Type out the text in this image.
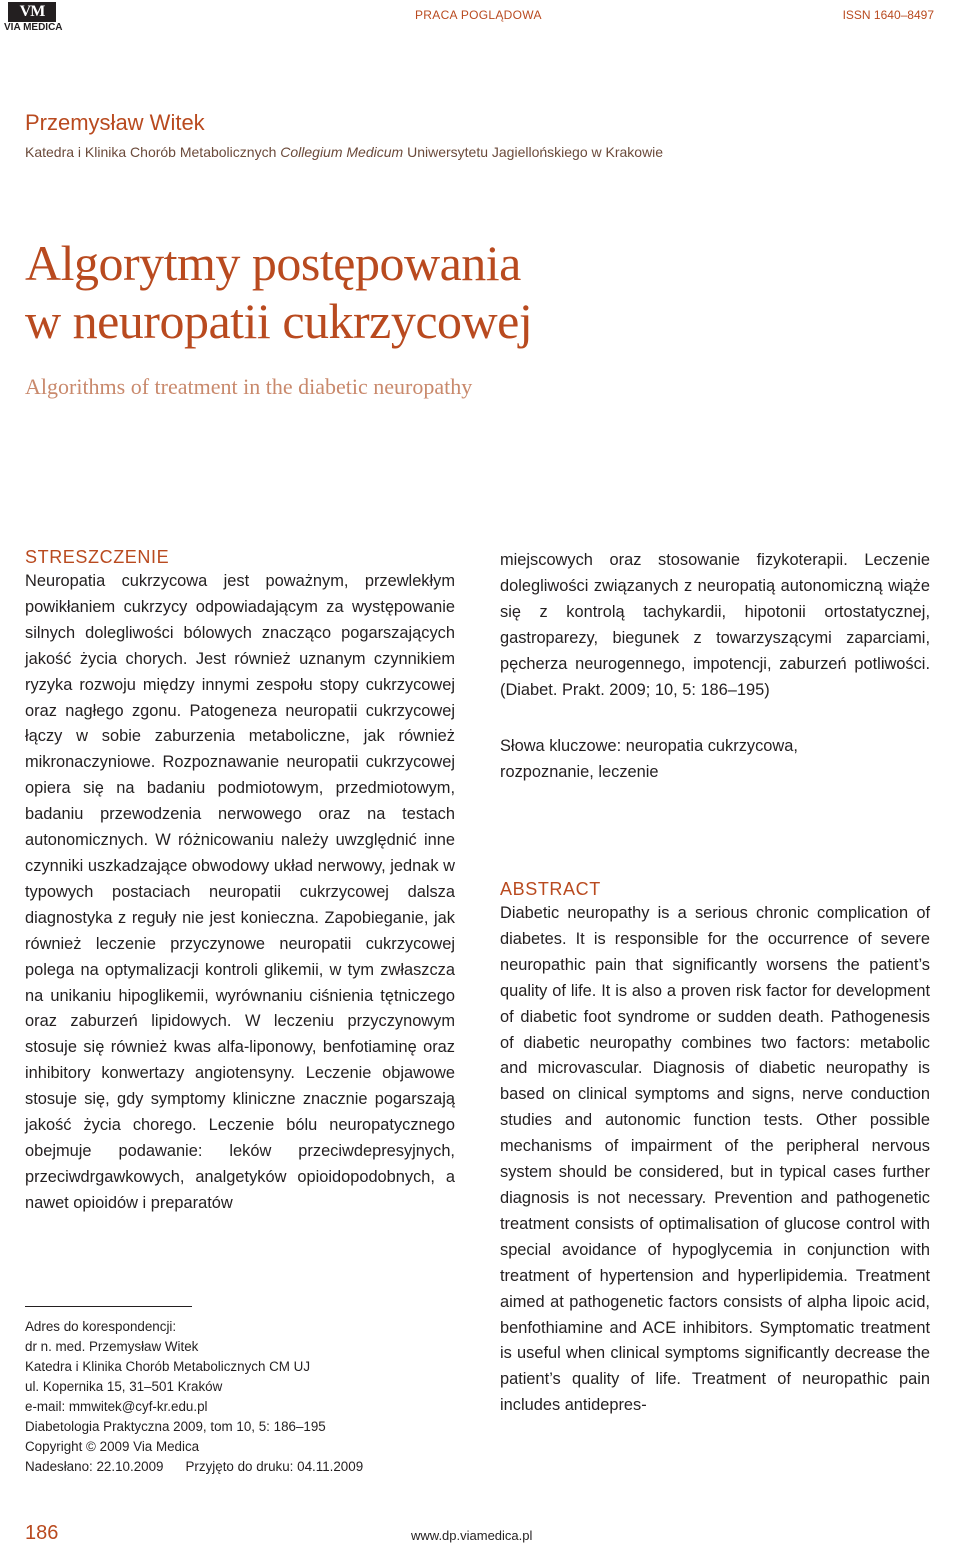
VM
VIA MEDICA
PRACA POGLĄDOWA	ISSN 1640–8497
Przemysław Witek
Katedra i Klinika Chorób Metabolicznych Collegium Medicum Uniwersytetu Jagiellońskiego w Krakowie
Algorytmy postępowania
w neuropatii cukrzycowej
Algorithms of treatment in the diabetic neuropathy
STRESZCZENIE
Neuropatia cukrzycowa jest poważnym, przewlekłym powikłaniem cukrzycy odpowiadającym za występowanie silnych dolegliwości bólowych znacząco pogarszających jakość życia chorych. Jest również uznanym czynnikiem ryzyka rozwoju między innymi zespołu stopy cukrzycowej oraz nagłego zgonu. Patogeneza neuropatii cukrzycowej łączy w sobie zaburzenia metaboliczne, jak również mikronaczyniowe. Rozpoznawanie neuropatii cukrzycowej opiera się na badaniu podmiotowym, przedmiotowym, badaniu przewodzenia nerwowego oraz na testach autonomicznych. W różnicowaniu należy uwzględnić inne czynniki uszkadzające obwodowy układ nerwowy, jednak w typowych postaciach neuropatii cukrzycowej dalsza diagnostyka z reguły nie jest konieczna. Zapobieganie, jak również leczenie przyczynowe neuropatii cukrzycowej polega na optymalizacji kontroli glikemii, w tym zwłaszcza na unikaniu hipoglikemii, wyrównaniu ciśnienia tętniczego oraz zaburzeń lipidowych. W leczeniu przyczynowym stosuje się również kwas alfa-liponowy, benfotiaminę oraz inhibitory konwertazy angiotensyny. Leczenie objawowe stosuje się, gdy symptomy kliniczne znacznie pogarszają jakość życia chorego. Leczenie bólu neuropatycznego obejmuje podawanie: leków przeciwdepresyjnych, przeciwdrgawkowych, analgetyków opioidopodobnych, a nawet opioidów i preparatów
miejscowych oraz stosowanie fizykoterapii. Leczenie dolegliwości związanych z neuropatią autonomiczną wiąże się z kontrolą tachykardii, hipotonii ortostatycznej, gastroparezy, biegunek z towarzyszącymi zaparciami, pęcherza neurogennego, impotencji, zaburzeń potliwości. (Diabet. Prakt. 2009; 10, 5: 186–195)
Słowa kluczowe: neuropatia cukrzycowa, rozpoznanie, leczenie
ABSTRACT
Diabetic neuropathy is a serious chronic complication of diabetes. It is responsible for the occurrence of severe neuropathic pain that significantly worsens the patient’s quality of life. It is also a proven risk factor for development of diabetic foot syndrome or sudden death. Pathogenesis of diabetic neuropathy combines two factors: metabolic and microvascular. Diagnosis of diabetic neuropathy is based on clinical symptoms and signs, nerve conduction studies and autonomic function tests. Other possible mechanisms of impairment of the peripheral nervous system should be considered, but in typical cases further diagnosis is not necessary. Prevention and pathogenetic treatment consists of optimalisation of glucose control with special avoidance of hypoglycemia in conjunction with treatment of hypertension and hyperlipidemia. Treatment aimed at pathogenetic factors consists of alpha lipoic acid, benfothiamine and ACE inhibitors. Symptomatic treatment is useful when clinical symptoms significantly decrease the patient’s quality of life. Treatment of neuropathic pain includes antidepres-
Adres do korespondencji:
dr n. med. Przemysław Witek
Katedra i Klinika Chorób Metabolicznych CM UJ
ul. Kopernika 15, 31–501 Kraków
e-mail: mmwitek@cyf-kr.edu.pl
Diabetologia Praktyczna 2009, tom 10, 5: 186–195
Copyright © 2009 Via Medica
Nadesłano: 22.10.2009 Przyjęto do druku: 04.11.2009
186	www.dp.viamedica.pl
